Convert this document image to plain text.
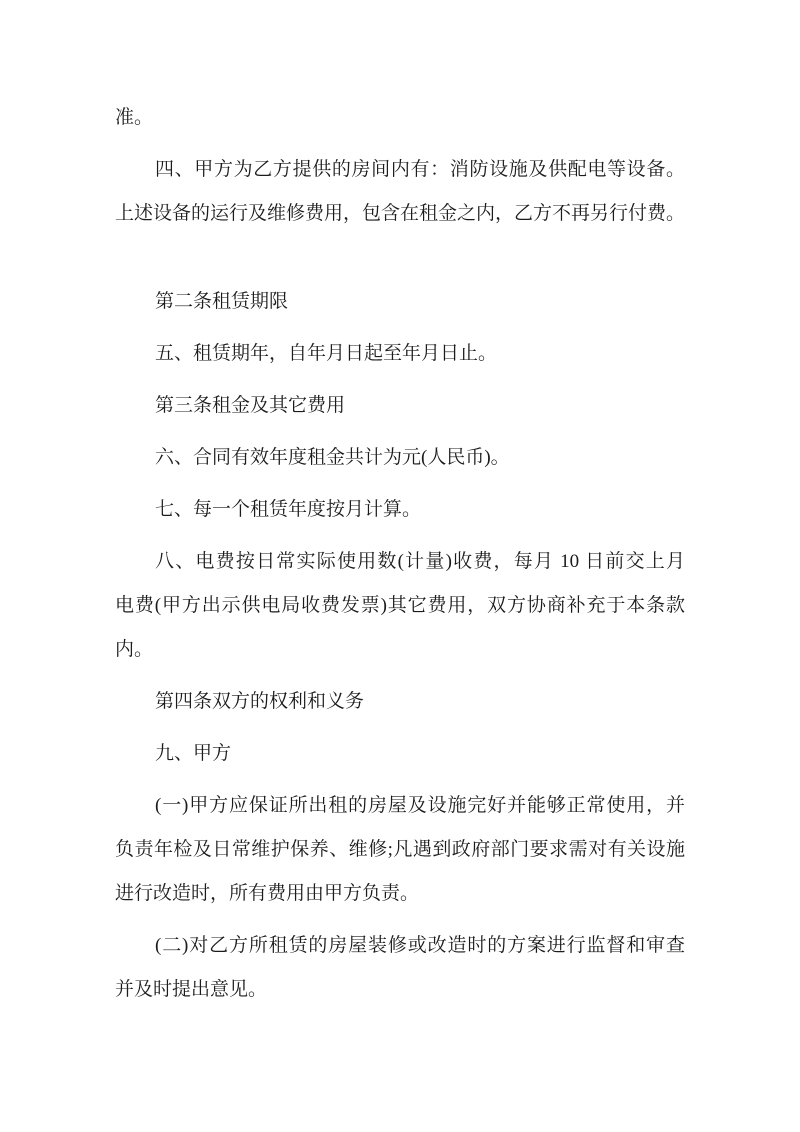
准。
四、甲方为乙方提供的房间内有：消防设施及供配电等设备。
上述设备的运行及维修费用，包含在租金之内，乙方不再另行付费。
第二条租赁期限
五、租赁期年，自年月日起至年月日止。
第三条租金及其它费用
六、合同有效年度租金共计为元(人民币)。
七、每一个租赁年度按月计算。
八、电费按日常实际使用数(计量)收费，每月 10 日前交上月
电费(甲方出示供电局收费发票)其它费用，双方协商补充于本条款
内。
第四条双方的权利和义务
九、甲方
(一)甲方应保证所出租的房屋及设施完好并能够正常使用，并
负责年检及日常维护保养、维修;凡遇到政府部门要求需对有关设施
进行改造时，所有费用由甲方负责。
(二)对乙方所租赁的房屋装修或改造时的方案进行监督和审查
并及时提出意见。
